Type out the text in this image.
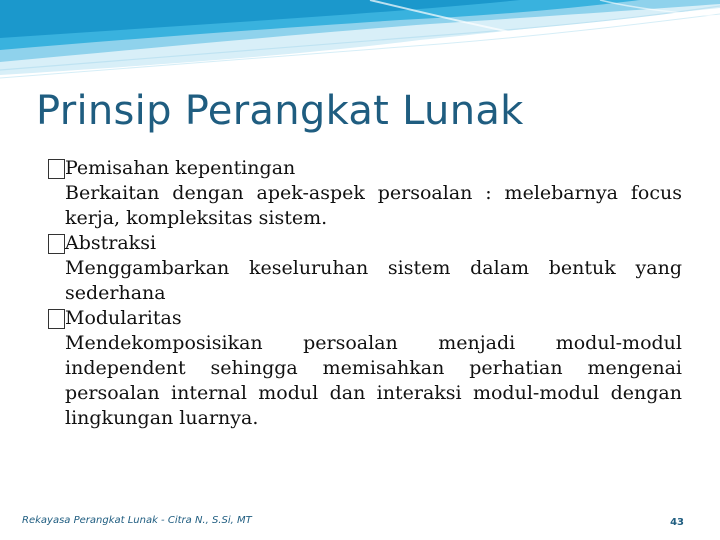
Prinsip Perangkat Lunak
Pemisahan kepentingan
Berkaitan dengan apek-aspek persoalan : melebarnya focus kerja, kompleksitas sistem.
Abstraksi
Menggambarkan keseluruhan sistem dalam bentuk yang sederhana
Modularitas
Mendekomposisikan persoalan menjadi modul-modul independent sehingga memisahkan perhatian mengenai persoalan internal modul dan interaksi modul-modul dengan lingkungan luarnya.
Rekayasa Perangkat Lunak - Citra N., S.Si, MT	43
